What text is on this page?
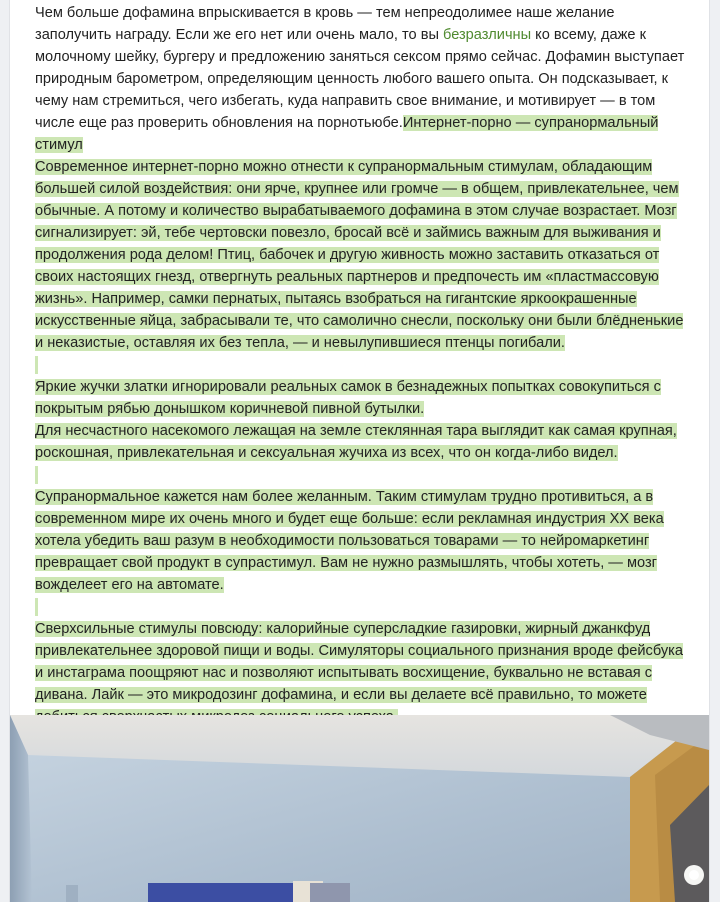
Чем больше дофамина впрыскивается в кровь — тем непреодолимее наше желание заполучить награду. Если же его нет или очень мало, то вы безразличны ко всему, даже к молочному шейку, бургеру и предложению заняться сексом прямо сейчас. Дофамин выступает природным барометром, определяющим ценность любого вашего опыта. Он подсказывает, к чему нам стремиться, чего избегать, куда направить свое внимание, и мотивирует — в том числе еще раз проверить обновления на порнотьюбе.Интернет-порно — супранормальный стимул

Современное интернет-порно можно отнести к супранормальным стимулам, обладающим большей силой воздействия: они ярче, крупнее или громче — в общем, привлекательнее, чем обычные. А потому и количество вырабатываемого дофамина в этом случае возрастает. Мозг сигнализирует: эй, тебе чертовски повезло, бросай всё и займись важным для выживания и продолжения рода делом! Птиц, бабочек и другую живность можно заставить отказаться от своих настоящих гнезд, отвергнуть реальных партнеров и предпочесть им «пластмассовую жизнь». Например, самки пернатых, пытаясь взобраться на гигантские яркоокрашенные искусственные яйца, забрасывали те, что самолично снесли, поскольку они были блёдненькие и неказистые, оставляя их без тепла, — и невылупившиеся птенцы погибали.

Яркие жучки златки игнорировали реальных самок в безнадежных попытках совокупиться с покрытым рябью донышком коричневой пивной бутылки.

Для несчастного насекомого лежащая на земле стеклянная тара выглядит как самая крупная, роскошная, привлекательная и сексуальная жучиха из всех, что он когда-либо видел.

Супранормальное кажется нам более желанным. Таким стимулам трудно противиться, а в современном мире их очень много и будет еще больше: если рекламная индустрия XX века хотела убедить ваш разум в необходимости пользоваться товарами — то нейромаркетинг превращает свой продукт в супрастимул. Вам не нужно размышлять, чтобы хотеть, — мозг вожделеет его на автомате.

Сверхсильные стимулы повсюду: калорийные суперсладкие газировки, жирный джанкфуд привлекательнее здоровой пищи и воды. Симуляторы социального признания вроде фейсбука и инстаграма поощряют нас и позволяют испытывать восхищение, буквально не вставая с дивана. Лайк — это микродозинг дофамина, и если вы делаете всё правильно, то можете
